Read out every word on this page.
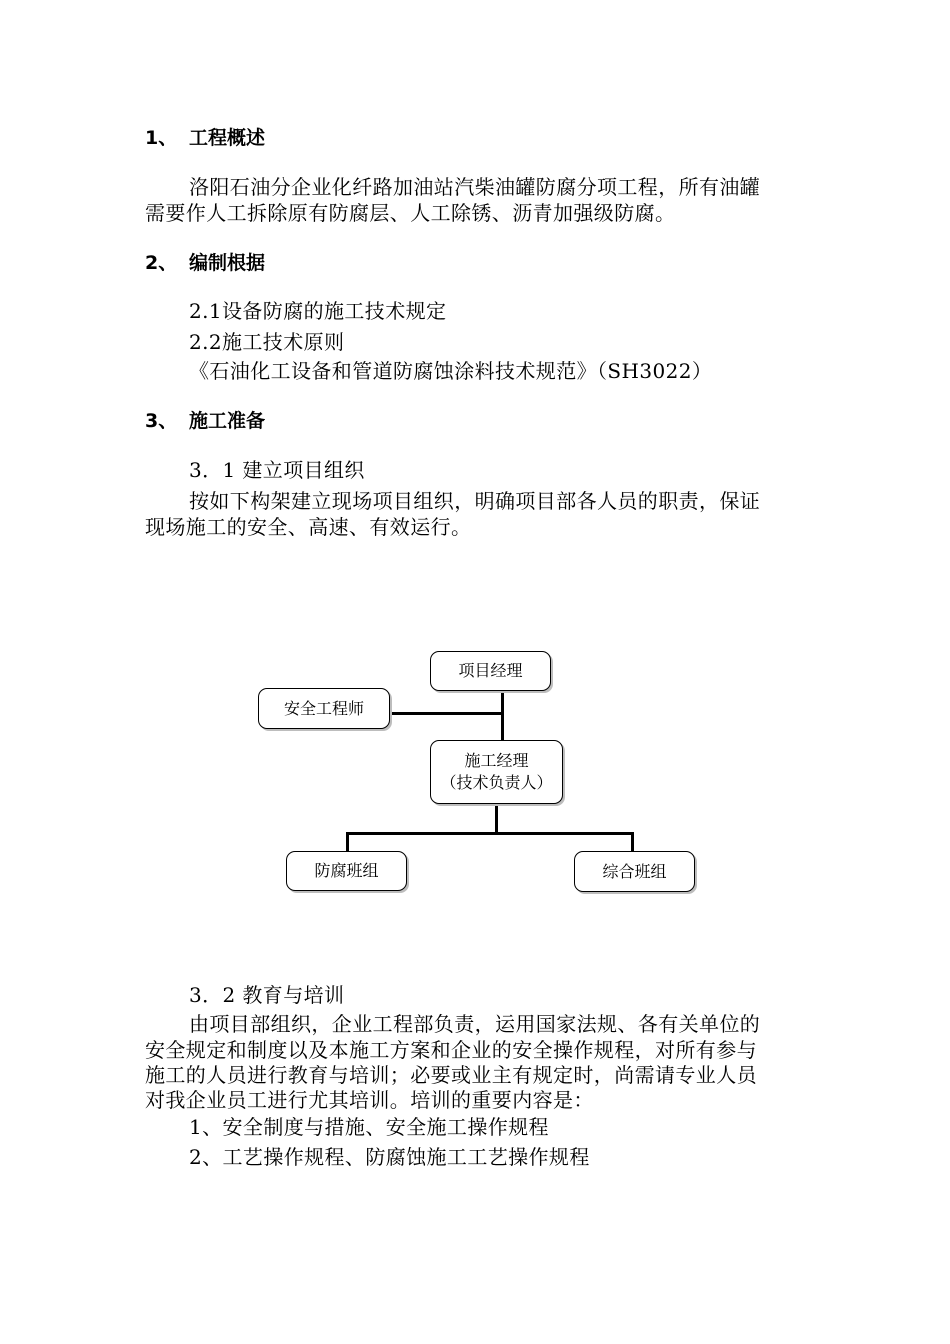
1、 工程概述
洛阳石油分企业化纤路加油站汽柴油罐防腐分项工程，所有油罐
需要作人工拆除原有防腐层、人工除锈、沥青加强级防腐。
2、 编制根据
2.1设备防腐的施工技术规定
2.2施工技术原则
《石油化工设备和管道防腐蚀涂料技术规范》（SH3022）
3、 施工准备
3．1 建立项目组织
按如下构架建立现场项目组织，明确项目部各人员的职责，保证
现场施工的安全、高速、有效运行。
项目经理
安全工程师
施工经理
（技术负责人）
防腐班组	综合班组
3．2 教育与培训
由项目部组织，企业工程部负责，运用国家法规、各有关单位的
安全规定和制度以及本施工方案和企业的安全操作规程，对所有参与
施工的人员进行教育与培训；必要或业主有规定时，尚需请专业人员
对我企业员工进行尤其培训。培训的重要内容是：
1、安全制度与措施、安全施工操作规程
2、工艺操作规程、防腐蚀施工工艺操作规程
